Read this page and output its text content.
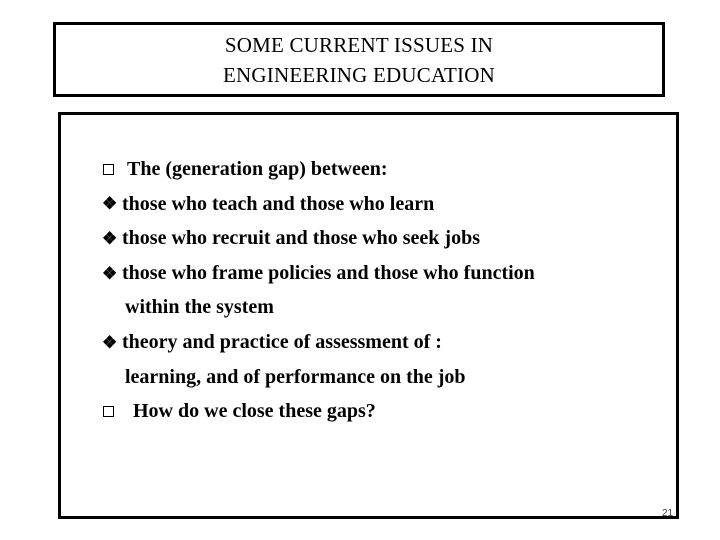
SOME CURRENT ISSUES IN
ENGINEERING EDUCATION
The (generation gap) between:
❖ those who teach and those who learn
❖ those who recruit and those who seek jobs
❖ those who frame policies and those who function
within the system
❖ theory and practice of assessment of :
learning, and of performance on the job
How do we close these gaps?
21
